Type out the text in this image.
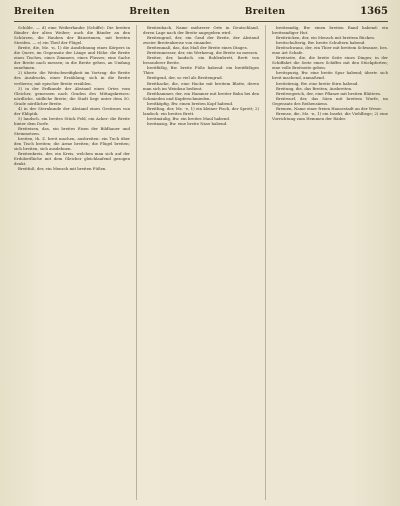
Breiten	Breiten	Breiten	1365

Schilde. — d) eine Weiberhaube (Schiffe): Die breiten Bänder der alten Weiber; auch die Bänder an den Schürzen, die Hauben der Bäuerinnen, mit breiten Streifen. — e) ein Theil der Flügel.

Breite, die, Mz. -n, 1) die Ausdehnung eines Körpers in die Quere, im Gegensatz der Länge und Höhe: die Breite eines Tisches, eines Zimmers, eines Flusses; eine Sache der Breite nach messen; in die Breite gehen, an Umfang zunehmen.

2) übertr. die Weitschweifigkeit im Vortrag: die Breite des Ausdrucks, einer Erzählung; sich in die Breite verlieren; mit epischer Breite erzählen.

3) in der Erdkunde der Abstand eines Ortes vom Gleicher, gemessen nach Graden des Mittagskreises: nördliche, südliche Breite; die Stadt liegt unter dem 50. Grade nördlicher Breite.

4) in der Sternkunde der Abstand eines Gestirnes von der Ekliptik.

5) landsch. ein breites Stück Feld, ein Acker: die Breite hinter dem Dorfe.

Breiteisen, das, ein breites Eisen der Bildhauer und Steinmetzen.

breiten, th. Z. breit machen, ausbreiten: ein Tuch über den Tisch breiten; die Arme breiten; die Flügel breiten; sich breiten, sich ausdehnen.

Breitenkreis, der, ein Kreis, welchen man sich auf der Erdoberfläche mit dem Gleicher gleichlaufend gezogen denkt.

Breitfuß, der, ein Mensch mit breiten Füßen.

Breitenbach, Name mehrerer Orte in Deutschland, deren Lage nach der Breite angegeben wird.

Breitengrad, der, ein Grad der Breite, der Abstand zweier Breitenkreise von einander.

Breitenmaß, das, das Maß der Breite eines Dinges.

Breitenmesser, der, ein Werkzeug, die Breite zu messen.

Breiter, der, landsch. ein Bohlenbrett, Brett von besonderer Breite.

breitfüßig, Bw. breite Füße habend: ein breitfüßiges Thier.

Breitgrad, der, so viel als Breitengrad.

Breithacke, die, eine Hacke mit breitem Blatte, deren man sich im Weinbau bedient.

Breithammer, der, ein Hammer mit breiter Bahn bei den Schmieden und Kupferschmieden.

breitköpfig, Bw. einen breiten Kopf habend.

Breitling, der, Mz. -e, 1) ein kleiner Fisch, der Sprott; 2) landsch. ein breites Brett.

breitmäulig, Bw. ein breites Maul habend.

breitnasig, Bw. eine breite Nase habend.

breitrandig, Bw. einen breiten Rand habend: ein breitrandiger Hut.

Breitrücken, der, ein Mensch mit breitem Rücken.

breitschulterig, Bw. breite Schultern habend.

Breitschwanz, der, ein Thier mit breitem Schwanze, bes. eine Art Schafe.

Breitseite, die, die breite Seite eines Dinges; in der Schiffahrt die Seite eines Schiffes mit den Stückpforten; eine volle Breitseite geben.

breitspurig, Bw. eine breite Spur habend; übertr. sich breit machend, anmaßend.

breitstirnig, Bw. eine breite Stirn habend.

Breitung, die, das Breiten, Ausbreiten.

Breitwegerich, der, eine Pflanze mit breiten Blättern.

Breitwurf, der, das Säen mit breitem Wurfe, im Gegensatz des Reihensäens.

Bremen, Name einer freien Hansestadt an der Weser.

Bremse, die, Mz. -n, 1) ein Insekt, die Viehfliege; 2) eine Vorrichtung zum Hemmen der Räder.
